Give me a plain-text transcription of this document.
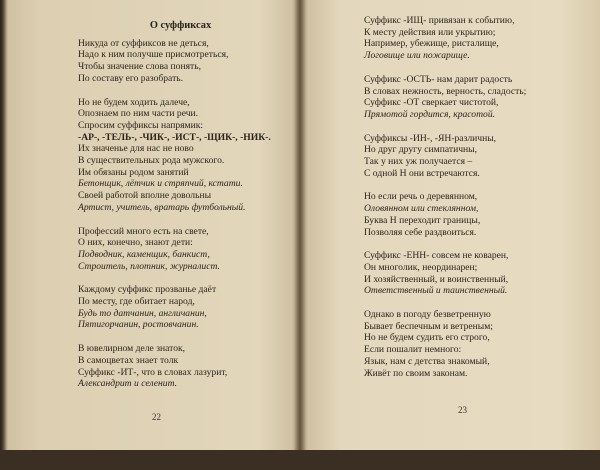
О суффиксах
Никуда от суффиксов не деться,
Надо к ним получше присмотреться,
Чтобы значение слова понять,
По составу его разобрать.
Но не будем ходить далече,
Опознаем по ним части речи.
Спросим суффиксы напрямик:
-АР-, -ТЕЛЬ-, -ЧИК-, -ИСТ-, -ЩИК-, -НИК-.
Их значенье для нас не ново
В существительных рода мужского.
Им обязаны родом занятий
Бетонщик, лётчик и стряпчий, кстати.
Своей работой вполне довольны
Артист, учитель, вратарь футбольный.
Профессий много есть на свете,
О них, конечно, знают дети:
Подводник, каменщик, банкист,
Строитель, плотник, журналист.
Каждому суффикс прозванье даёт
По месту, где обитает народ,
Будь то датчанин, англичанин,
Пятигорчанин, ростовчанин.
В ювелирном деле знаток,
В самоцветах знает толк
Суффикс -ИТ-, что в словах лазурит,
Александрит и селенит.
Суффикс -ИЩ- привязан к событию,
К месту действия или укрытию;
Например, убежище, ристалище,
Логовище или пожарище.
Суффикс -ОСТЬ- нам дарит радость
В словах нежность, верность, сладость;
Суффикс -ОТ сверкает чистотой,
Прямотой гордится, красотой.
Суффиксы -ИН-, -ЯН-различны,
Но друг другу симпатичны,
Так у них уж получается –
С одной Н они встречаются.
Но если речь о деревянном,
Оловянном или стеклянном,
Буква Н переходит границы,
Позволяя себе раздвоиться.
Суффикс -ЕНН- совсем не коварен,
Он многолик, неординарен;
И хозяйственный, и воинственный,
Ответственный и таинственный.
Однако в погоду безветренную
Бывает беспечным и ветреным;
Но не будем судить его строго,
Если пошалит немного:
Язык, нам с детства знакомый,
Живёт по своим законам.
22
23
